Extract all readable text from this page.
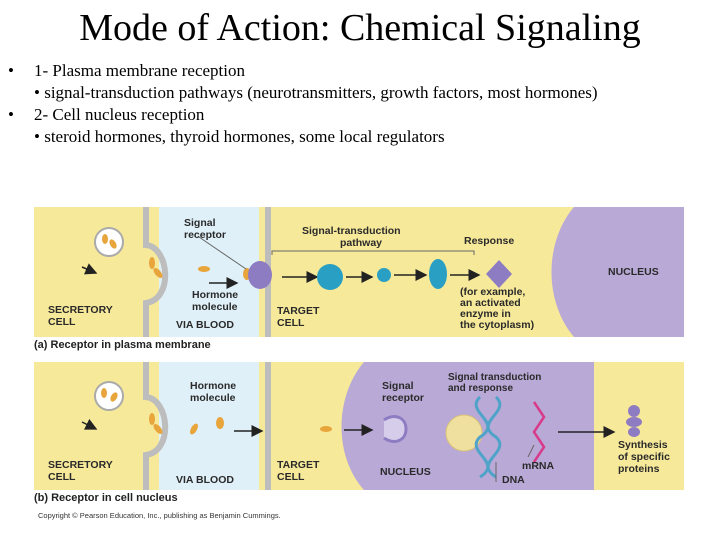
Mode of Action: Chemical Signaling
• 1- Plasma membrane reception
• signal-transduction pathways (neurotransmitters, growth factors, most hormones)
• 2- Cell nucleus reception
• steroid hormones, thyroid hormones, some local regulators
Signal
receptor	Signal-transduction
pathway	Response
NUCLEUS
Hormone
molecule
(for example,
an activated
enzyme in
the cytoplasm)
SECRETORY
CELL
TARGET
CELL
VIA BLOOD
(a) Receptor in plasma membrane
Hormone
molecule
Signal
receptor
Signal transduction
and response
Synthesis
of specific
proteins
SECRETORY
CELL
TARGET
CELL	NUCLEUS	mRNA
DNA
VIA BLOOD
(b) Receptor in cell nucleus
Copyright © Pearson Education, Inc., publishing as Benjamin Cummings.
